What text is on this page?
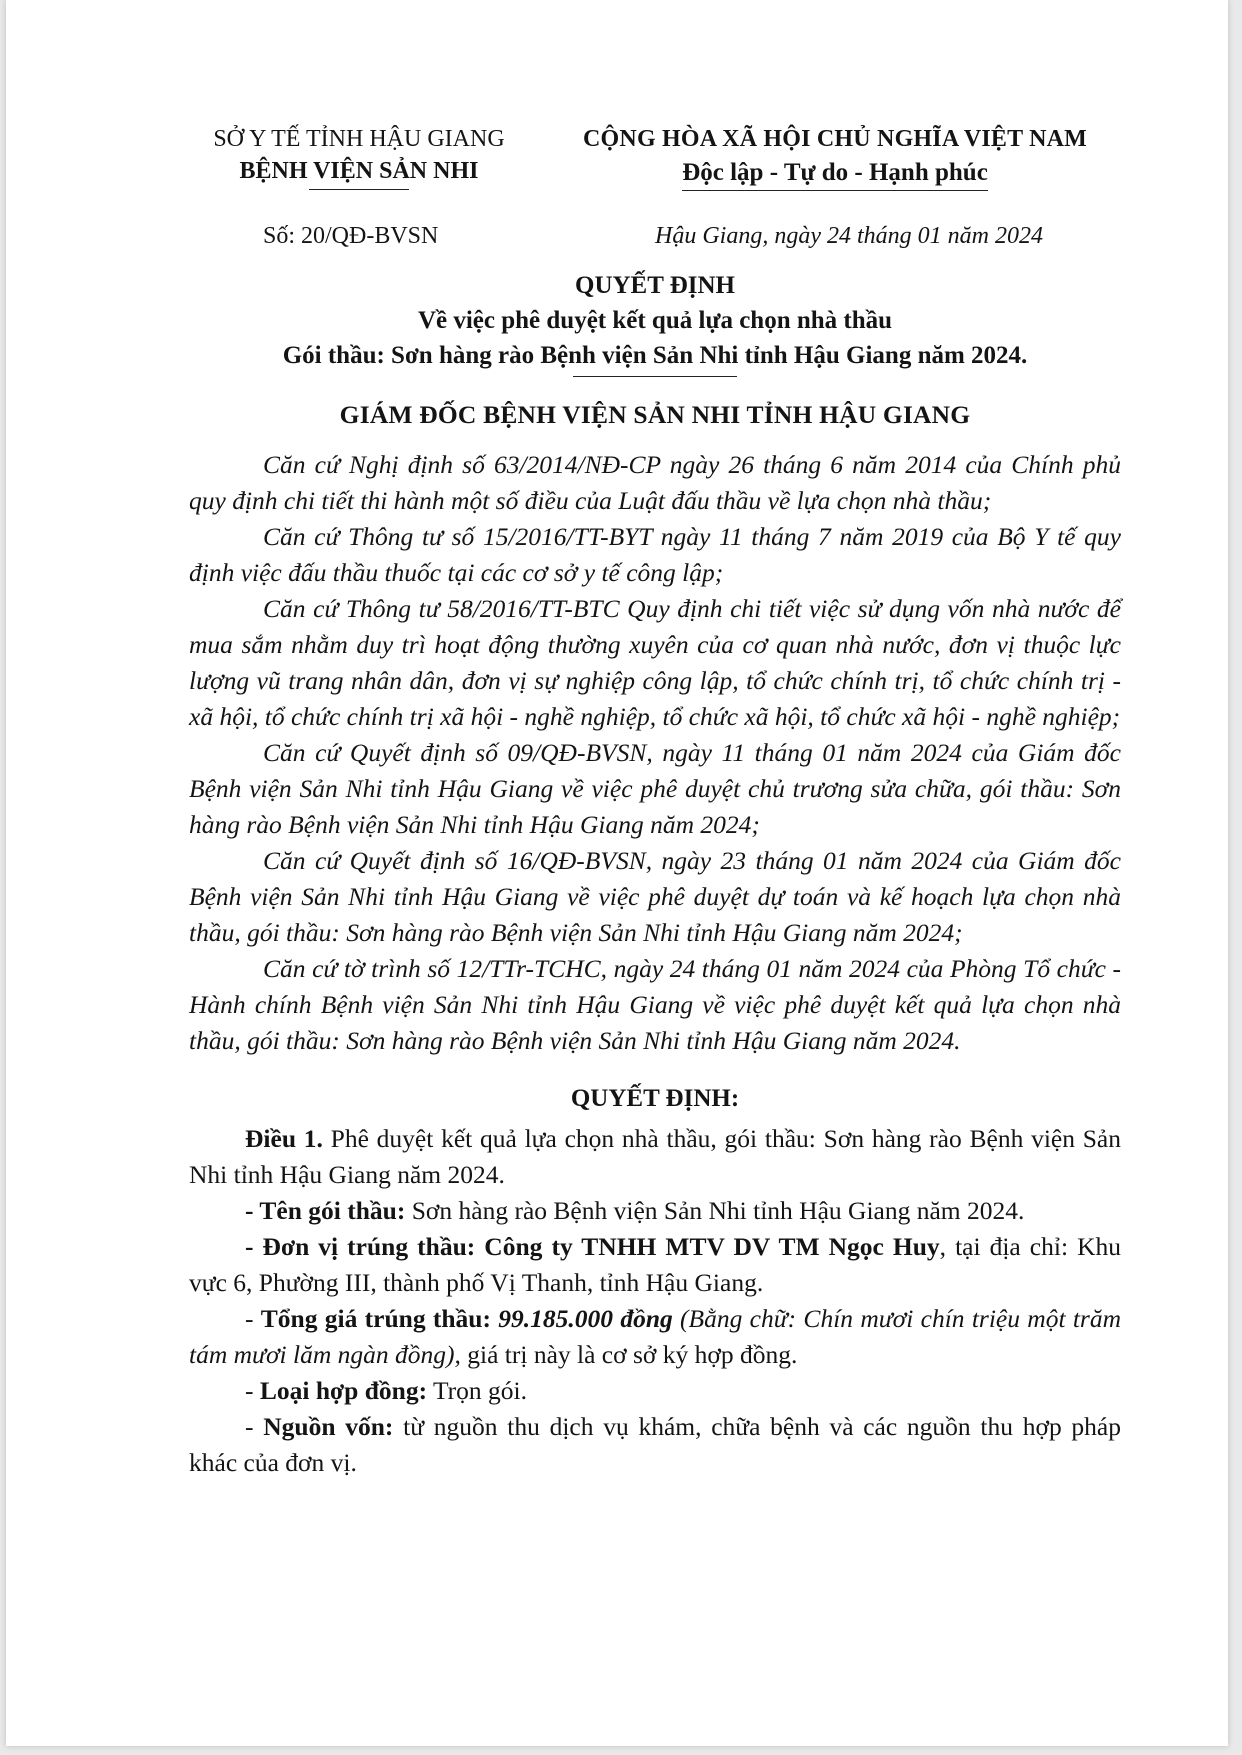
SỞ Y TẾ TỈNH HẬU GIANG
BỆNH VIỆN SẢN NHI
CỘNG HÒA XÃ HỘI CHỦ NGHĨA VIỆT NAM
Độc lập - Tự do - Hạnh phúc
Số: 20/QĐ-BVSN	Hậu Giang, ngày 24 tháng 01 năm 2024
QUYẾT ĐỊNH
Về việc phê duyệt kết quả lựa chọn nhà thầu
Gói thầu: Sơn hàng rào Bệnh viện Sản Nhi tỉnh Hậu Giang năm 2024.
GIÁM ĐỐC BỆNH VIỆN SẢN NHI TỈNH HẬU GIANG

Căn cứ Nghị định số 63/2014/NĐ-CP ngày 26 tháng 6 năm 2014 của Chính phủ quy định chi tiết thi hành một số điều của Luật đấu thầu về lựa chọn nhà thầu;

Căn cứ Thông tư số 15/2016/TT-BYT ngày 11 tháng 7 năm 2019 của Bộ Y tế quy định việc đấu thầu thuốc tại các cơ sở y tế công lập;

Căn cứ Thông tư 58/2016/TT-BTC Quy định chi tiết việc sử dụng vốn nhà nước để mua sắm nhằm duy trì hoạt động thường xuyên của cơ quan nhà nước, đơn vị thuộc lực lượng vũ trang nhân dân, đơn vị sự nghiệp công lập, tổ chức chính trị, tổ chức chính trị - xã hội, tổ chức chính trị xã hội - nghề nghiệp, tổ chức xã hội, tổ chức xã hội - nghề nghiệp;

Căn cứ Quyết định số 09/QĐ-BVSN, ngày 11 tháng 01 năm 2024 của Giám đốc Bệnh viện Sản Nhi tỉnh Hậu Giang về việc phê duyệt chủ trương sửa chữa, gói thầu: Sơn hàng rào Bệnh viện Sản Nhi tỉnh Hậu Giang năm 2024;

Căn cứ Quyết định số 16/QĐ-BVSN, ngày 23 tháng 01 năm 2024 của Giám đốc Bệnh viện Sản Nhi tỉnh Hậu Giang về việc phê duyệt dự toán và kế hoạch lựa chọn nhà thầu, gói thầu: Sơn hàng rào Bệnh viện Sản Nhi tỉnh Hậu Giang năm 2024;

Căn cứ tờ trình số 12/TTr-TCHC, ngày 24 tháng 01 năm 2024 của Phòng Tổ chức - Hành chính Bệnh viện Sản Nhi tỉnh Hậu Giang về việc phê duyệt kết quả lựa chọn nhà thầu, gói thầu: Sơn hàng rào Bệnh viện Sản Nhi tỉnh Hậu Giang năm 2024.

QUYẾT ĐỊNH:

Điều 1. Phê duyệt kết quả lựa chọn nhà thầu, gói thầu: Sơn hàng rào Bệnh viện Sản Nhi tỉnh Hậu Giang năm 2024.

- Tên gói thầu: Sơn hàng rào Bệnh viện Sản Nhi tỉnh Hậu Giang năm 2024.

- Đơn vị trúng thầu: Công ty TNHH MTV DV TM Ngọc Huy, tại địa chỉ: Khu vực 6, Phường III, thành phố Vị Thanh, tỉnh Hậu Giang.

- Tổng giá trúng thầu: 99.185.000 đồng (Bằng chữ: Chín mươi chín triệu một trăm tám mươi lăm ngàn đồng), giá trị này là cơ sở ký hợp đồng.

- Loại hợp đồng: Trọn gói.

- Nguồn vốn: từ nguồn thu dịch vụ khám, chữa bệnh và các nguồn thu hợp pháp khác của đơn vị.
